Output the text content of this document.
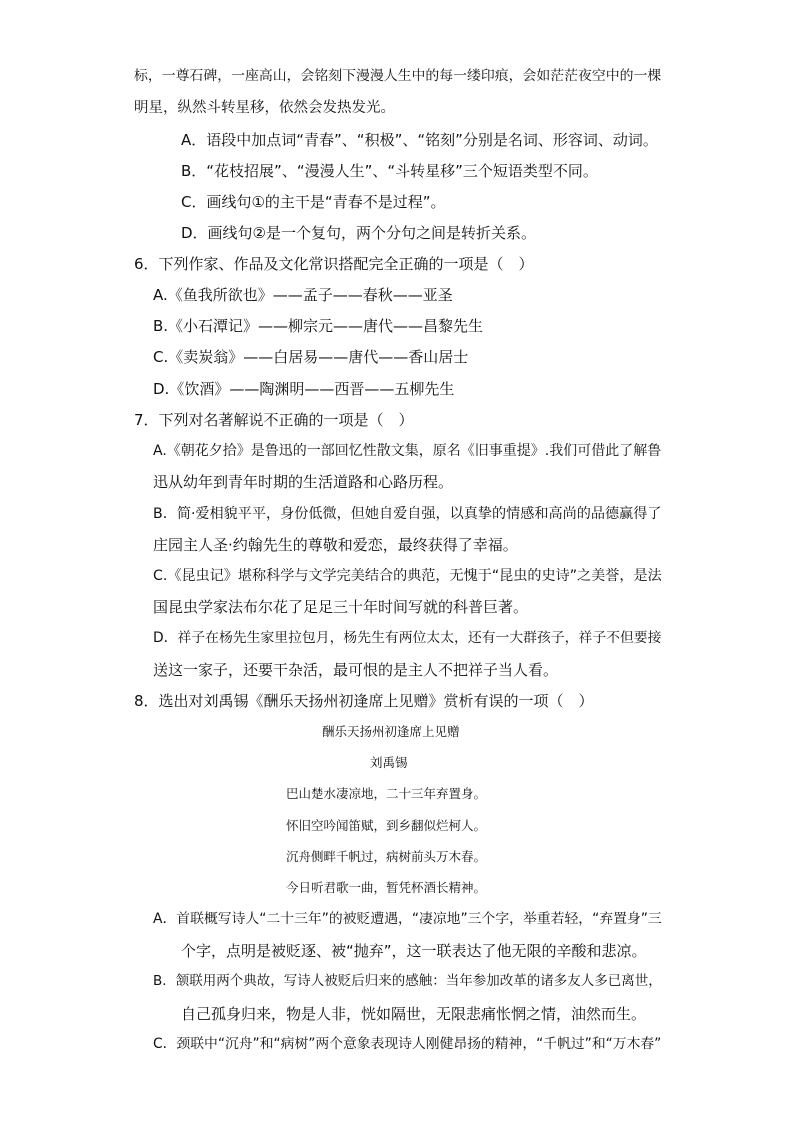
标，一尊石碑，一座高山，会铭刻下漫漫人生中的每一缕印痕，会如茫茫夜空中的一棵
明星，纵然斗转星移，依然会发热发光。
A．语段中加点词“青春”、“积极”、“铭刻”分别是名词、形容词、动词。
B．“花枝招展”、“漫漫人生”、“斗转星移”三个短语类型不同。
C．画线句①的主干是“青春不是过程”。
D．画线句②是一个复句，两个分句之间是转折关系。
6．下列作家、作品及文化常识搭配完全正确的一项是（　）
A.《鱼我所欲也》——孟子——春秋——亚圣
B.《小石潭记》——柳宗元——唐代——昌黎先生
C.《卖炭翁》——白居易——唐代——香山居士
D.《饮酒》——陶渊明——西晋——五柳先生
7．下列对名著解说不正确的一项是（　）
A.《朝花夕拾》是鲁迅的一部回忆性散文集，原名《旧事重提》.我们可借此了解鲁
迅从幼年到青年时期的生活道路和心路历程。
B．简·爱相貌平平，身份低微，但她自爱自强，以真挚的情感和高尚的品德赢得了
庄园主人圣·约翰先生的尊敬和爱恋，最终获得了幸福。
C.《昆虫记》堪称科学与文学完美结合的典范，无愧于“昆虫的史诗”之美誉，是法
国昆虫学家法布尔花了足足三十年时间写就的科普巨著。
D．祥子在杨先生家里拉包月，杨先生有两位太太，还有一大群孩子，祥子不但要接
送这一家子，还要干杂活，最可恨的是主人不把祥子当人看。
8．选出对刘禹锡《酬乐天扬州初逢席上见赠》赏析有误的一项（　）
酬乐天扬州初逢席上见赠
刘禹锡
巴山楚水凄凉地，二十三年弃置身。
怀旧空吟闻笛赋，到乡翻似烂柯人。
沉舟侧畔千帆过，病树前头万木春。
今日听君歌一曲，暂凭杯酒长精神。
A．首联概写诗人“二十三年”的被贬遭遇，“凄凉地”三个字，举重若轻，“弃置身”三
个字，点明是被贬逐、被“抛弃”，这一联表达了他无限的辛酸和悲凉。
B．颔联用两个典故，写诗人被贬后归来的感触：当年参加改革的诸多友人多已离世，
自己孤身归来，物是人非，恍如隔世，无限悲痛怅惘之情，油然而生。
C．颈联中“沉舟”和“病树”两个意象表现诗人刚健昂扬的精神，“千帆过”和“万木春”
